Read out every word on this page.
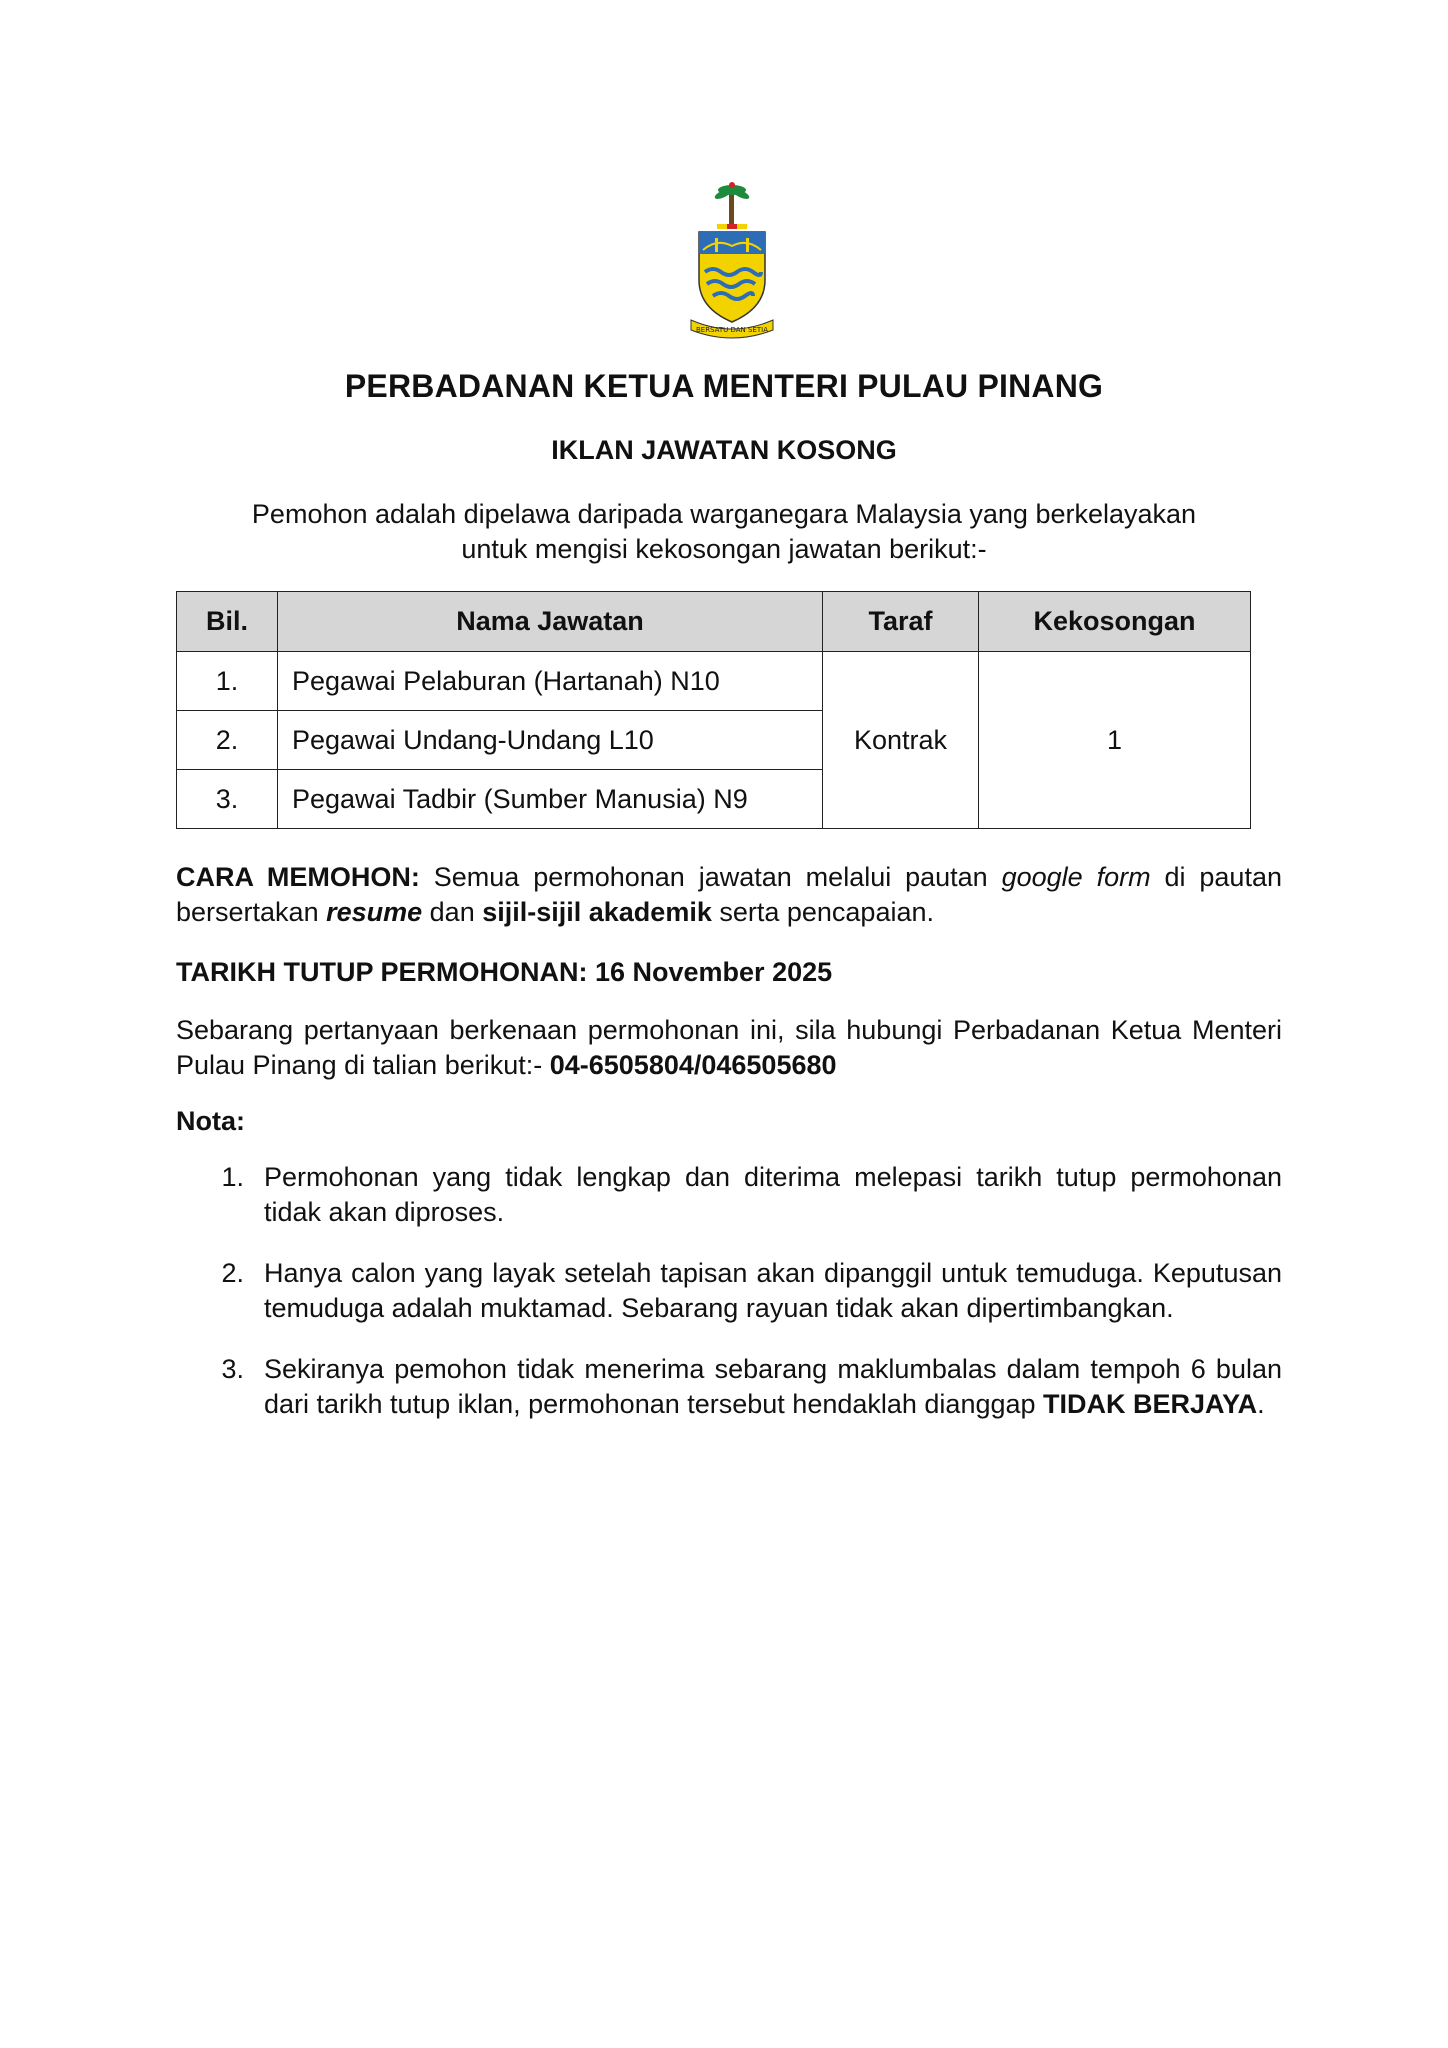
BERSATU DAN SETIA
PERBADANAN KETUA MENTERI PULAU PINANG
IKLAN JAWATAN KOSONG
Pemohon adalah dipelawa daripada warganegara Malaysia yang berkelayakan
untuk mengisi kekosongan jawatan berikut:-
Bil.	Nama Jawatan	Taraf	Kekosongan
1.	Pegawai Pelaburan (Hartanah) N10	Kontrak	1
2.	Pegawai Undang-Undang L10		
3.	Pegawai Tadbir (Sumber Manusia) N9		
CARA MEMOHON: Semua permohonan jawatan melalui pautan google form di pautan bersertakan resume dan sijil-sijil akademik serta pencapaian.
TARIKH TUTUP PERMOHONAN: 16 November 2025
Sebarang pertanyaan berkenaan permohonan ini, sila hubungi Perbadanan Ketua Menteri Pulau Pinang di talian berikut:- 04-6505804/046505680
Nota:
1. Permohonan yang tidak lengkap dan diterima melepasi tarikh tutup permohonan tidak akan diproses.
2. Hanya calon yang layak setelah tapisan akan dipanggil untuk temuduga. Keputusan temuduga adalah muktamad. Sebarang rayuan tidak akan dipertimbangkan.
3. Sekiranya pemohon tidak menerima sebarang maklumbalas dalam tempoh 6 bulan dari tarikh tutup iklan, permohonan tersebut hendaklah dianggap TIDAK BERJAYA.
